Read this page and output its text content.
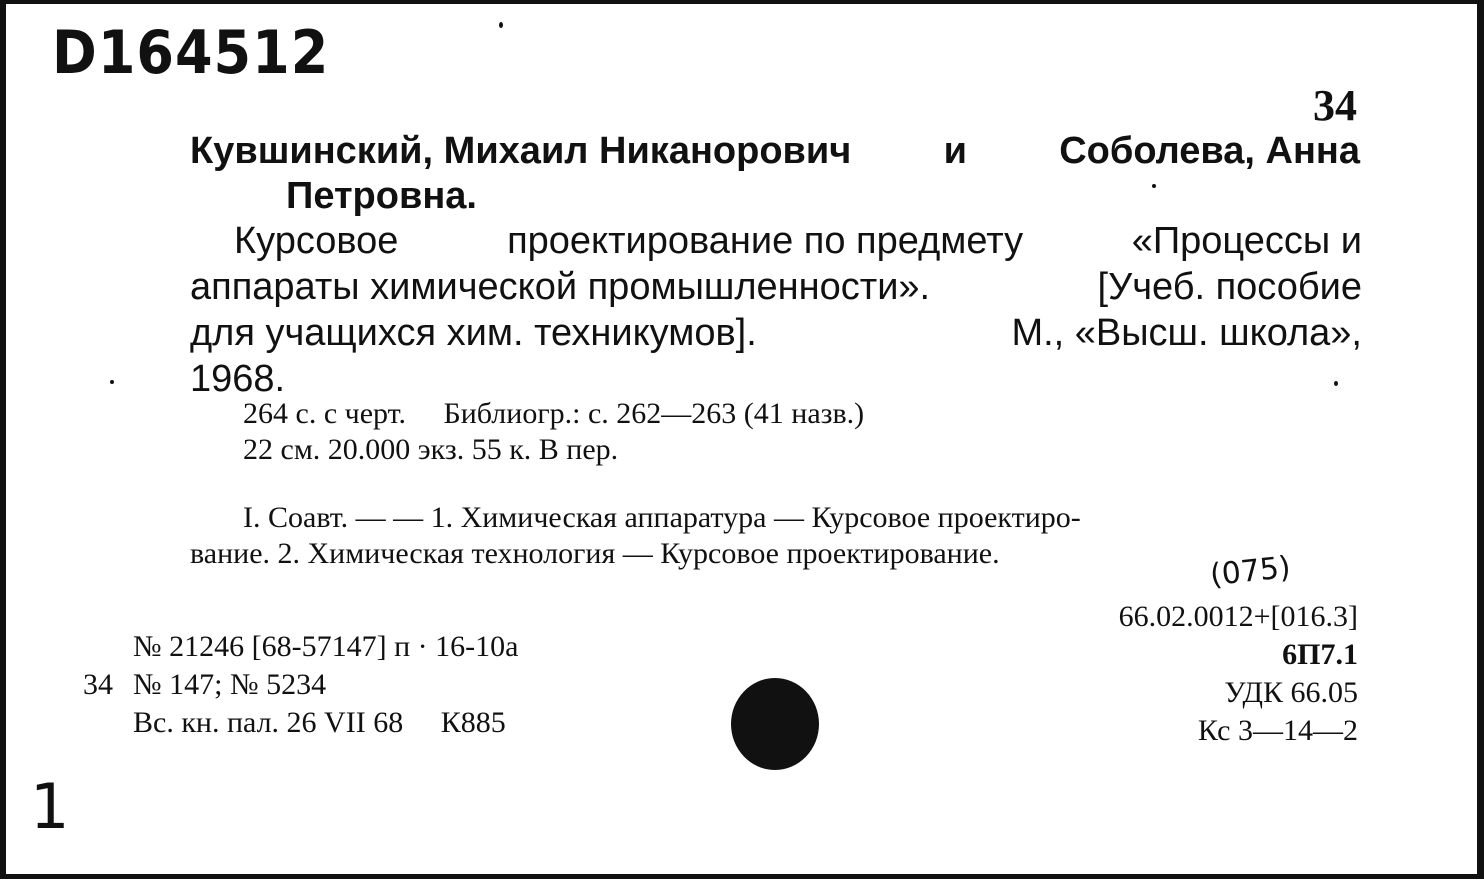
D164512
1
(075)
34
Кувшинский, Михаил Никанорович и Соболева, Анна
Петровна.
Курсовое	проектирование по предмету	«Процессы и
аппараты химической промышленности».	[Учеб. пособие
для учащихся хим. техникумов].	М., «Высш. школа»,
1968.
264 с. с черт.     Библиогр.: с. 262—263 (41 назв.)
22 см. 20.000 экз. 55 к. В пер.
I. Соавт. — — 1. Химическая аппаратура — Курсовое проектиро-
вание. 2. Химическая технология — Курсовое проектирование.
№ 21246 [68-57147] п · 16-10а
34 № 147; № 5234
Вс. кн. пал. 26 VII 68     К885
66.02.0012+[016.3]
6П7.1
УДК 66.05
Кс 3—14—2
